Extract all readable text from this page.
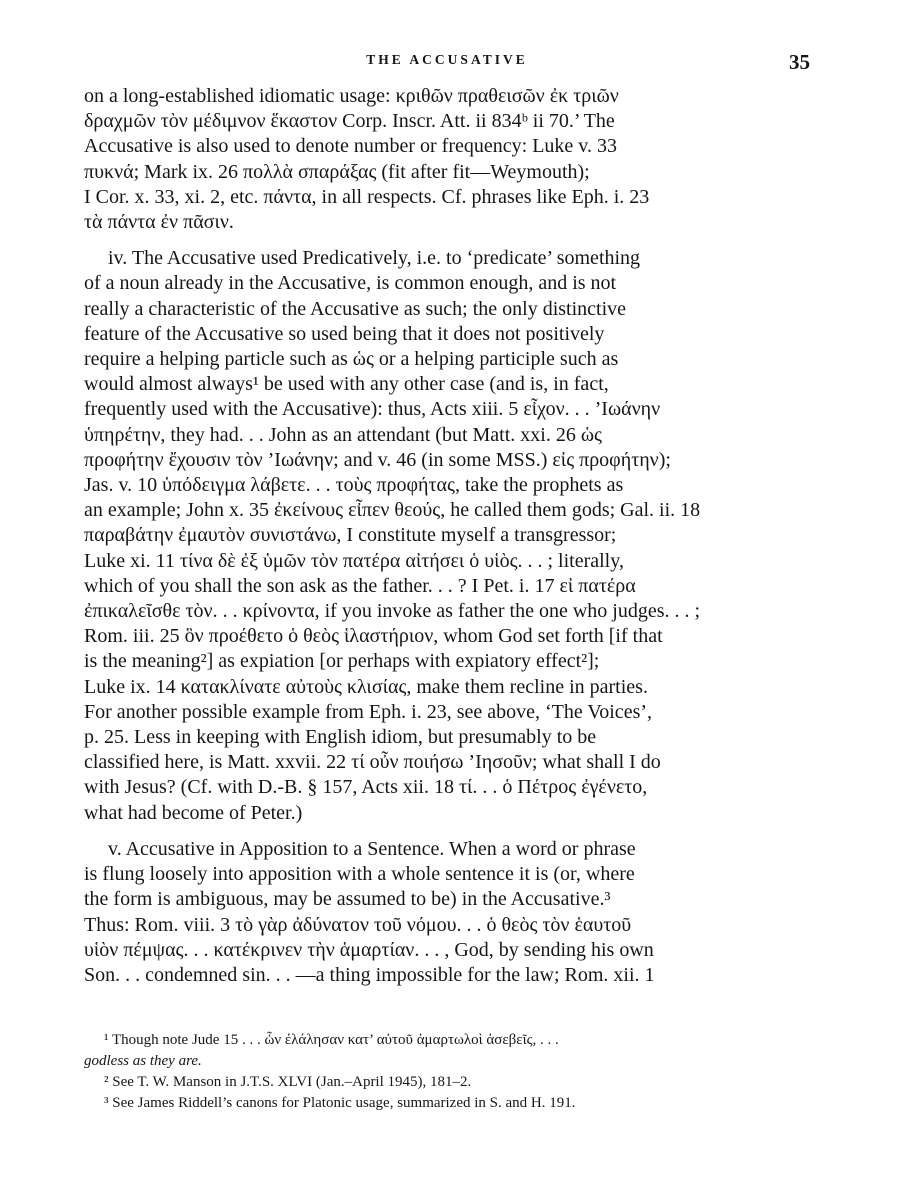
THE ACCUSATIVE	35

on a long-established idiomatic usage: κριθῶν πραθεισῶν ἐκ τριῶν
δραχμῶν τὸν μέδιμνον ἕκαστον Corp. Inscr. Att. ii 834ᵇ ii 70.’ The
Accusative is also used to denote number or frequency: Luke v. 33
πυκνά; Mark ix. 26 πολλὰ σπαράξας (fit after fit—Weymouth);
I Cor. x. 33, xi. 2, etc. πάντα, in all respects. Cf. phrases like Eph. i. 23
τὰ πάντα ἐν πᾶσιν.

iv. The Accusative used Predicatively, i.e. to ‘predicate’ something
of a noun already in the Accusative, is common enough, and is not
really a characteristic of the Accusative as such; the only distinctive
feature of the Accusative so used being that it does not positively
require a helping particle such as ὡς or a helping participle such as
would almost always¹ be used with any other case (and is, in fact,
frequently used with the Accusative): thus, Acts xiii. 5 εἶχον. . . ’Ιωάνην
ὑπηρέτην, they had. . . John as an attendant (but Matt. xxi. 26 ὡς
προφήτην ἔχουσιν τὸν ’Ιωάνην; and v. 46 (in some MSS.) εἰς προφήτην);
Jas. v. 10 ὑπόδειγμα λάβετε. . . τοὺς προφήτας, take the prophets as
an example; John x. 35 ἐκείνους εἶπεν θεούς, he called them gods; Gal. ii. 18
παραβάτην ἐμαυτὸν συνιστάνω, I constitute myself a transgressor;
Luke xi. 11 τίνα δὲ ἐξ ὑμῶν τὸν πατέρα αἰτήσει ὁ υἱὸς. . . ; literally,
which of you shall the son ask as the father. . . ? I Pet. i. 17 εἰ πατέρα
ἐπικαλεῖσθε τὸν. . . κρίνοντα, if you invoke as father the one who judges. . . ;
Rom. iii. 25 ὃν προέθετο ὁ θεὸς ἱλαστήριον, whom God set forth [if that
is the meaning²] as expiation [or perhaps with expiatory effect²];
Luke ix. 14 κατακλίνατε αὐτοὺς κλισίας, make them recline in parties.
For another possible example from Eph. i. 23, see above, ‘The Voices’,
p. 25. Less in keeping with English idiom, but presumably to be
classified here, is Matt. xxvii. 22 τί οὖν ποιήσω ’Ιησοῦν; what shall I do
with Jesus? (Cf. with D.-B. § 157, Acts xii. 18 τί. . . ὁ Πέτρος ἐγένετο,
what had become of Peter.)

v. Accusative in Apposition to a Sentence. When a word or phrase
is flung loosely into apposition with a whole sentence it is (or, where
the form is ambiguous, may be assumed to be) in the Accusative.³
Thus: Rom. viii. 3 τὸ γὰρ ἀδύνατον τοῦ νόμου. . . ὁ θεὸς τὸν ἑαυτοῦ
υἱὸν πέμψας. . . κατέκρινεν τὴν ἁμαρτίαν. . . , God, by sending his own
Son. . . condemned sin. . . —a thing impossible for the law; Rom. xii. 1

¹ Though note Jude 15 . . . ὧν ἐλάλησαν κατ’ αὐτοῦ ἁμαρτωλοὶ ἀσεβεῖς, . . .
godless as they are.

² See T. W. Manson in J.T.S. XLVI (Jan.–April 1945), 181–2.

³ See James Riddell’s canons for Platonic usage, summarized in S. and H. 191.
